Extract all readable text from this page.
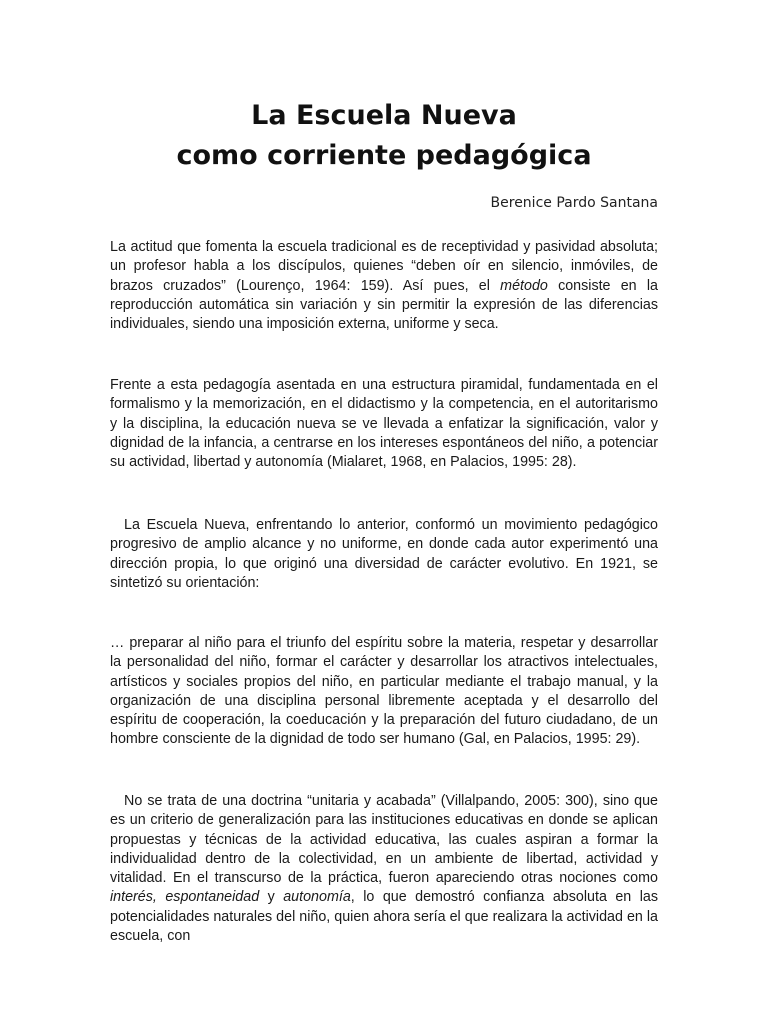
La Escuela Nueva
como corriente pedagógica
Berenice Pardo Santana

La actitud que fomenta la escuela tradicional es de receptividad y pasividad absoluta; un profesor habla a los discípulos, quienes “deben oír en silencio, inmóviles, de brazos cruzados” (Lourenço, 1964: 159). Así pues, el método consiste en la reproducción automática sin variación y sin permitir la expresión de las diferencias individuales, siendo una imposición externa, uniforme y seca.

Frente a esta pedagogía asentada en una estructura piramidal, fundamentada en el formalismo y la memorización, en el didactismo y la competencia, en el autoritarismo y la disciplina, la educación nueva se ve llevada a enfatizar la significación, valor y dignidad de la infancia, a centrarse en los intereses espontáneos del niño, a potenciar su actividad, libertad y autonomía (Mialaret, 1968, en Palacios, 1995: 28).

La Escuela Nueva, enfrentando lo anterior, conformó un movimiento pedagógico progresivo de amplio alcance y no uniforme, en donde cada autor experimentó una dirección propia, lo que originó una diversidad de carácter evolutivo. En 1921, se sintetizó su orientación:

… preparar al niño para el triunfo del espíritu sobre la materia, respetar y desarrollar la personalidad del niño, formar el carácter y desarrollar los atractivos intelectuales, artísticos y sociales propios del niño, en particular mediante el trabajo manual, y la organización de una disciplina personal libremente aceptada y el desarrollo del espíritu de cooperación, la coeducación y la preparación del futuro ciudadano, de un hombre consciente de la dignidad de todo ser humano (Gal, en Palacios, 1995: 29).

No se trata de una doctrina “unitaria y acabada” (Villalpando, 2005: 300), sino que es un criterio de generalización para las instituciones educativas en donde se aplican propuestas y técnicas de la actividad educativa, las cuales aspiran a formar la individualidad dentro de la colectividad, en un ambiente de libertad, actividad y vitalidad. En el transcurso de la práctica, fueron apareciendo otras nociones como interés, espontaneidad y autonomía, lo que demostró confianza absoluta en las potencialidades naturales del niño, quien ahora sería el que realizara la actividad en la escuela, con
